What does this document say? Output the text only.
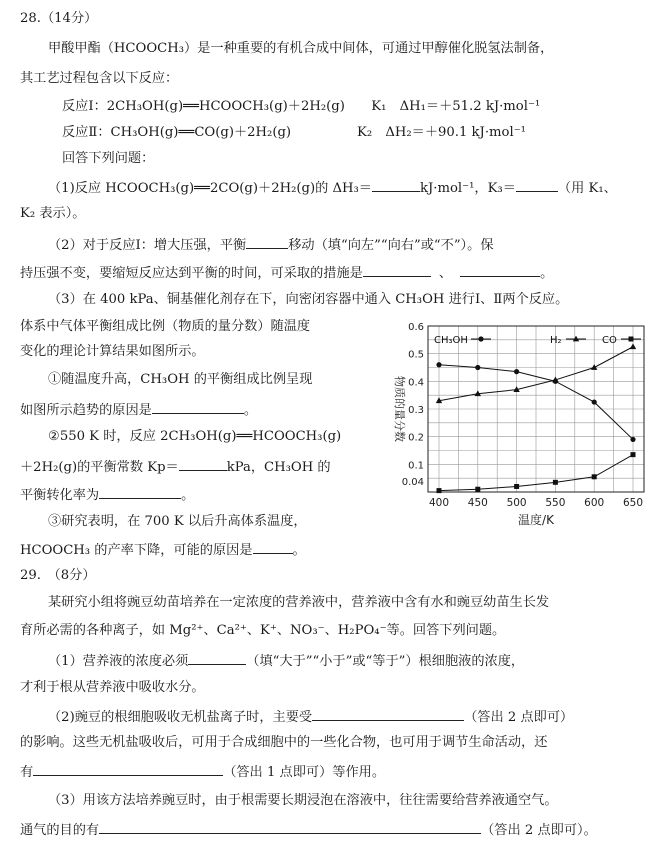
28.（14分）
甲酸甲酯（HCOOCH₃）是一种重要的有机合成中间体，可通过甲醇催化脱氢法制备，
其工艺过程包含以下反应：
反应Ⅰ：2CH₃OH(g)══HCOOCH₃(g)＋2H₂(g)　　K₁　ΔH₁＝＋51.2 kJ·mol⁻¹
反应Ⅱ：CH₃OH(g)══CO(g)＋2H₂(g)　　　　　K₂　ΔH₂＝＋90.1 kJ·mol⁻¹
回答下列问题：
（1)反应 HCOOCH₃(g)══2CO(g)＋2H₂(g)的 ΔH₃＝	kJ·mol⁻¹，K₃＝	（用 K₁、
K₂ 表示）。
（2）对于反应Ⅰ：增大压强，平衡	移动（填“向左”“向右”或“不”）。保
持压强不变，要缩短反应达到平衡的时间，可采取的措施是	、	。
（3）在 400 kPa、铜基催化剂存在下，向密闭容器中通入 CH₃OH 进行Ⅰ、Ⅱ两个反应。
体系中气体平衡组成比例（物质的量分数）随温度
变化的理论计算结果如图所示。
①随温度升高，CH₃OH 的平衡组成比例呈现
如图所示趋势的原因是	。
②550 K 时，反应 2CH₃OH(g)══HCOOCH₃(g)
＋2H₂(g)的平衡常数 Kp＝	kPa，CH₃OH 的
平衡转化率为	。
③研究表明，在 700 K 以后升高体系温度，
HCOOCH₃ 的产率下降，可能的原因是	。
0.04
0.1
0.2
0.3
0.4
0.5
0.6
400 450 500 550 600 650
CH₃OH	H₂	CO
物质的量分数
温度/K
29.　（8分）
某研究小组将豌豆幼苗培养在一定浓度的营养液中，营养液中含有水和豌豆幼苗生长发
育所必需的各种离子，如 Mg²⁺、Ca²⁺、K⁺、NO₃⁻、H₂PO₄⁻等。回答下列问题。
（1）营养液的浓度必须	（填“大于”“小于”或“等于”）根细胞液的浓度，
才利于根从营养液中吸收水分。
（2)豌豆的根细胞吸收无机盐离子时，主要受	（答出 2 点即可）
的影响。这些无机盐吸收后，可用于合成细胞中的一些化合物，也可用于调节生命活动，还
有	（答出 1 点即可）等作用。
（3）用该方法培养豌豆时，由于根需要长期浸泡在溶液中，往往需要给营养液通空气。
通气的目的有	（答出 2 点即可）。
